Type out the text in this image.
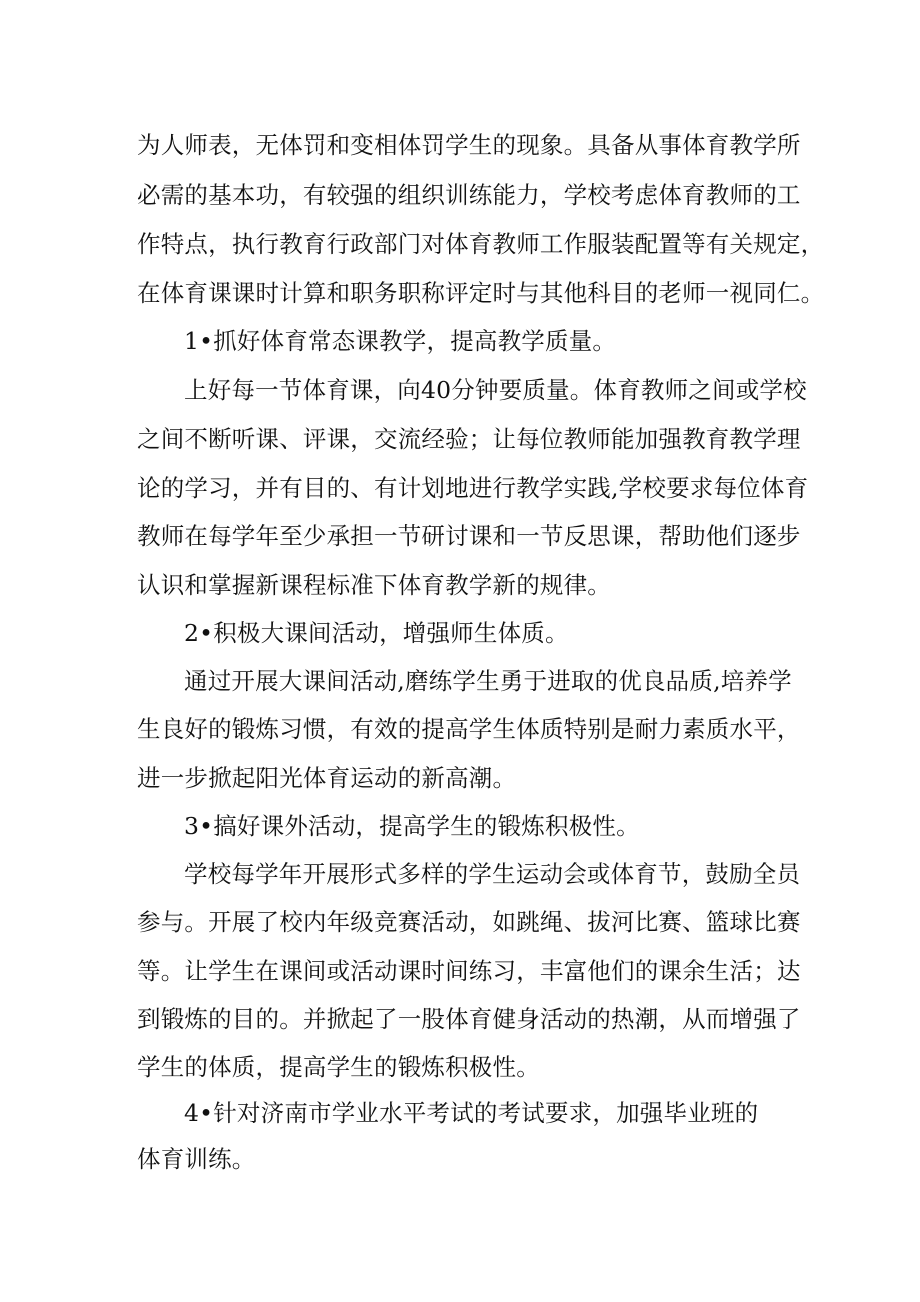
为人师表，无体罚和变相体罚学生的现象。具备从事体育教学所
必需的基本功，有较强的组织训练能力，学校考虑体育教师的工
作特点，执行教育行政部门对体育教师工作服装配置等有关规定，
在体育课课时计算和职务职称评定时与其他科目的老师一视同仁。
1•抓好体育常态课教学，提高教学质量。
上好每一节体育课，向40分钟要质量。体育教师之间或学校
之间不断听课、评课，交流经验；让每位教师能加强教育教学理
论的学习，并有目的、有计划地进行教学实践,学校要求每位体育
教师在每学年至少承担一节研讨课和一节反思课，帮助他们逐步
认识和掌握新课程标准下体育教学新的规律。
2•积极大课间活动，增强师生体质。
通过开展大课间活动,磨练学生勇于进取的优良品质,培养学
生良好的锻炼习惯，有效的提高学生体质特别是耐力素质水平，
进一步掀起阳光体育运动的新高潮。
3•搞好课外活动，提高学生的锻炼积极性。
学校每学年开展形式多样的学生运动会或体育节，鼓励全员
参与。开展了校内年级竞赛活动，如跳绳、拔河比赛、篮球比赛
等。让学生在课间或活动课时间练习，丰富他们的课余生活；达
到锻炼的目的。并掀起了一股体育健身活动的热潮，从而增强了
学生的体质，提高学生的锻炼积极性。
4•针对济南市学业水平考试的考试要求，加强毕业班的
体育训练。
